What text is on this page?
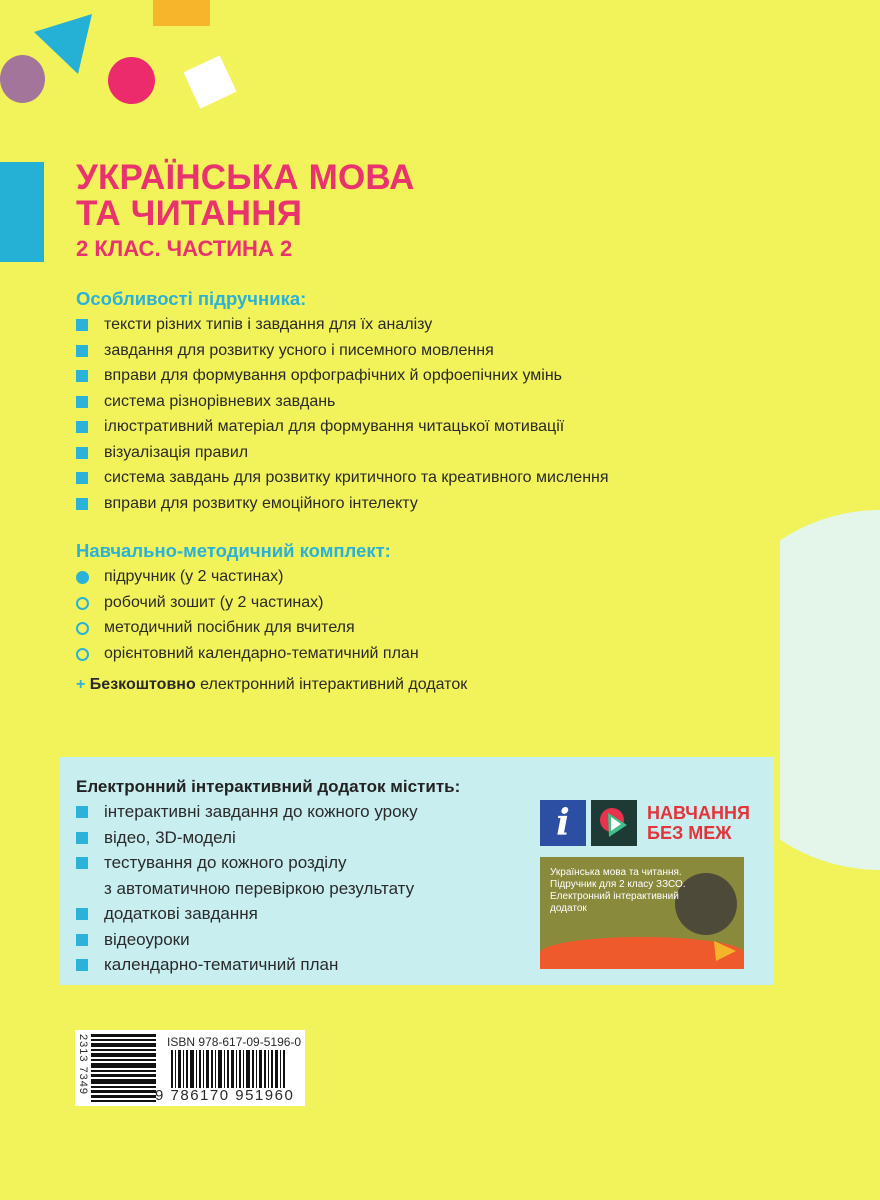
УКРАЇНСЬКА МОВА
ТА ЧИТАННЯ
2 КЛАС. ЧАСТИНА 2
Особливості підручника:
тексти різних типів і завдання для їх аналізу
завдання для розвитку усного і писемного мовлення
вправи для формування орфографічних й орфоепічних умінь
система різнорівневих завдань
ілюстративний матеріал для формування читацької мотивації
візуалізація правил
система завдань для розвитку критичного та креативного мислення
вправи для розвитку емоційного інтелекту
Навчально-методичний комплект:
підручник (у 2 частинах)
робочий зошит (у 2 частинах)
методичний посібник для вчителя
орієнтовний календарно-тематичний план
+ Безкоштовно електронний інтерактивний додаток
Електронний інтерактивний додаток містить:
інтерактивні завдання до кожного уроку
відео, 3D-моделі
тестування до кожного розділу
з автоматичною перевіркою результату
додаткові завдання
відеоуроки
календарно-тематичний план
i	НАВЧАННЯ
БЕЗ МЕЖ
Українська мова та читання.
Підручник для 2 класу ЗЗСО.
Електронний інтерактивний
додаток
2313 7349	ISBN 978-617-09-5196-0
9 786170 951960
